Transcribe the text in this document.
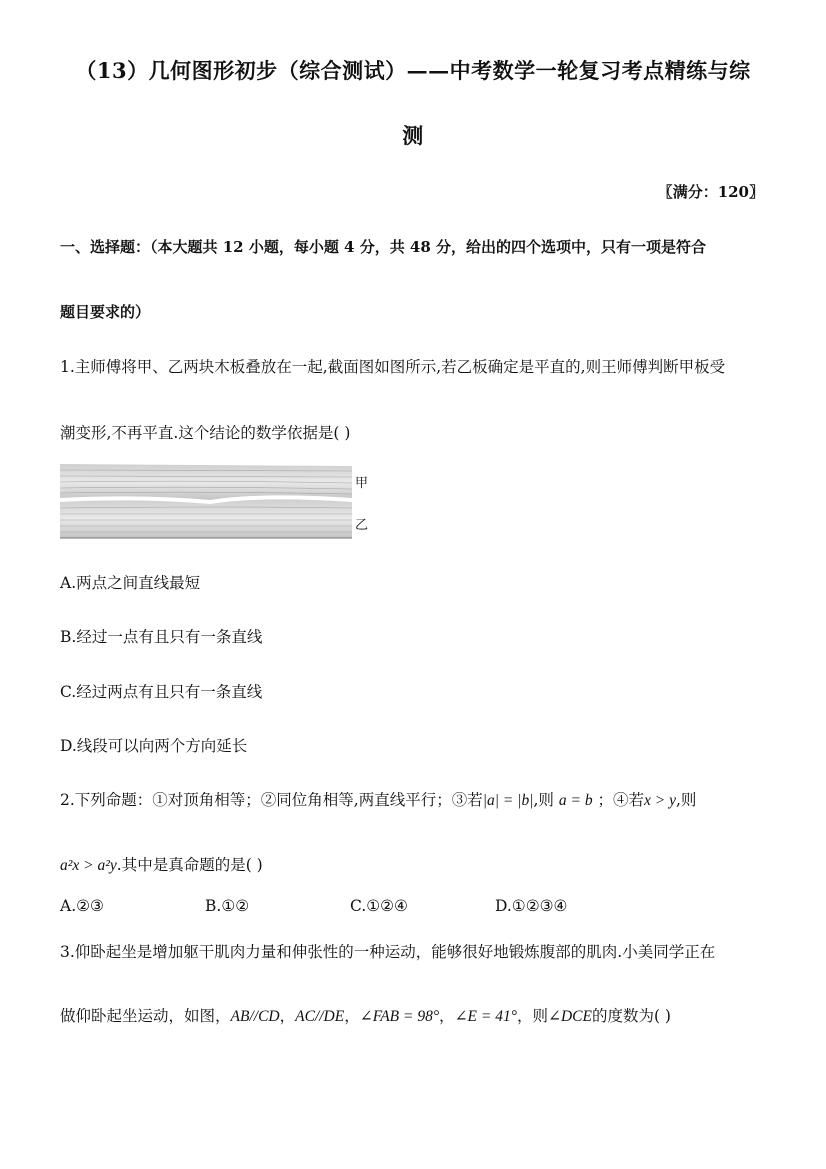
（13）几何图形初步（综合测试）——中考数学一轮复习考点精练与综
测
〖满分：120〗
一、选择题：（本大题共 12 小题，每小题 4 分，共 48 分，给出的四个选项中，只有一项是符合
题目要求的）
1.主师傅将甲、乙两块木板叠放在一起,截面图如图所示,若乙板确定是平直的,则王师傅判断甲板受
潮变形,不再平直.这个结论的数学依据是( )
甲
乙
A.两点之间直线最短
B.经过一点有且只有一条直线
C.经过两点有且只有一条直线
D.线段可以向两个方向延长
2.下列命题：①对顶角相等；②同位角相等,两直线平行；③若|a| = |b|,则 a = b ；④若x > y,则
a²x > a²y.其中是真命题的是( )
A.②③	B.①②	C.①②④	D.①②③④
3.仰卧起坐是增加躯干肌肉力量和伸张性的一种运动，能够很好地锻炼腹部的肌肉.小美同学正在
做仰卧起坐运动，如图，AB//CD，AC//DE，∠FAB = 98°，∠E = 41°，则∠DCE的度数为( )
